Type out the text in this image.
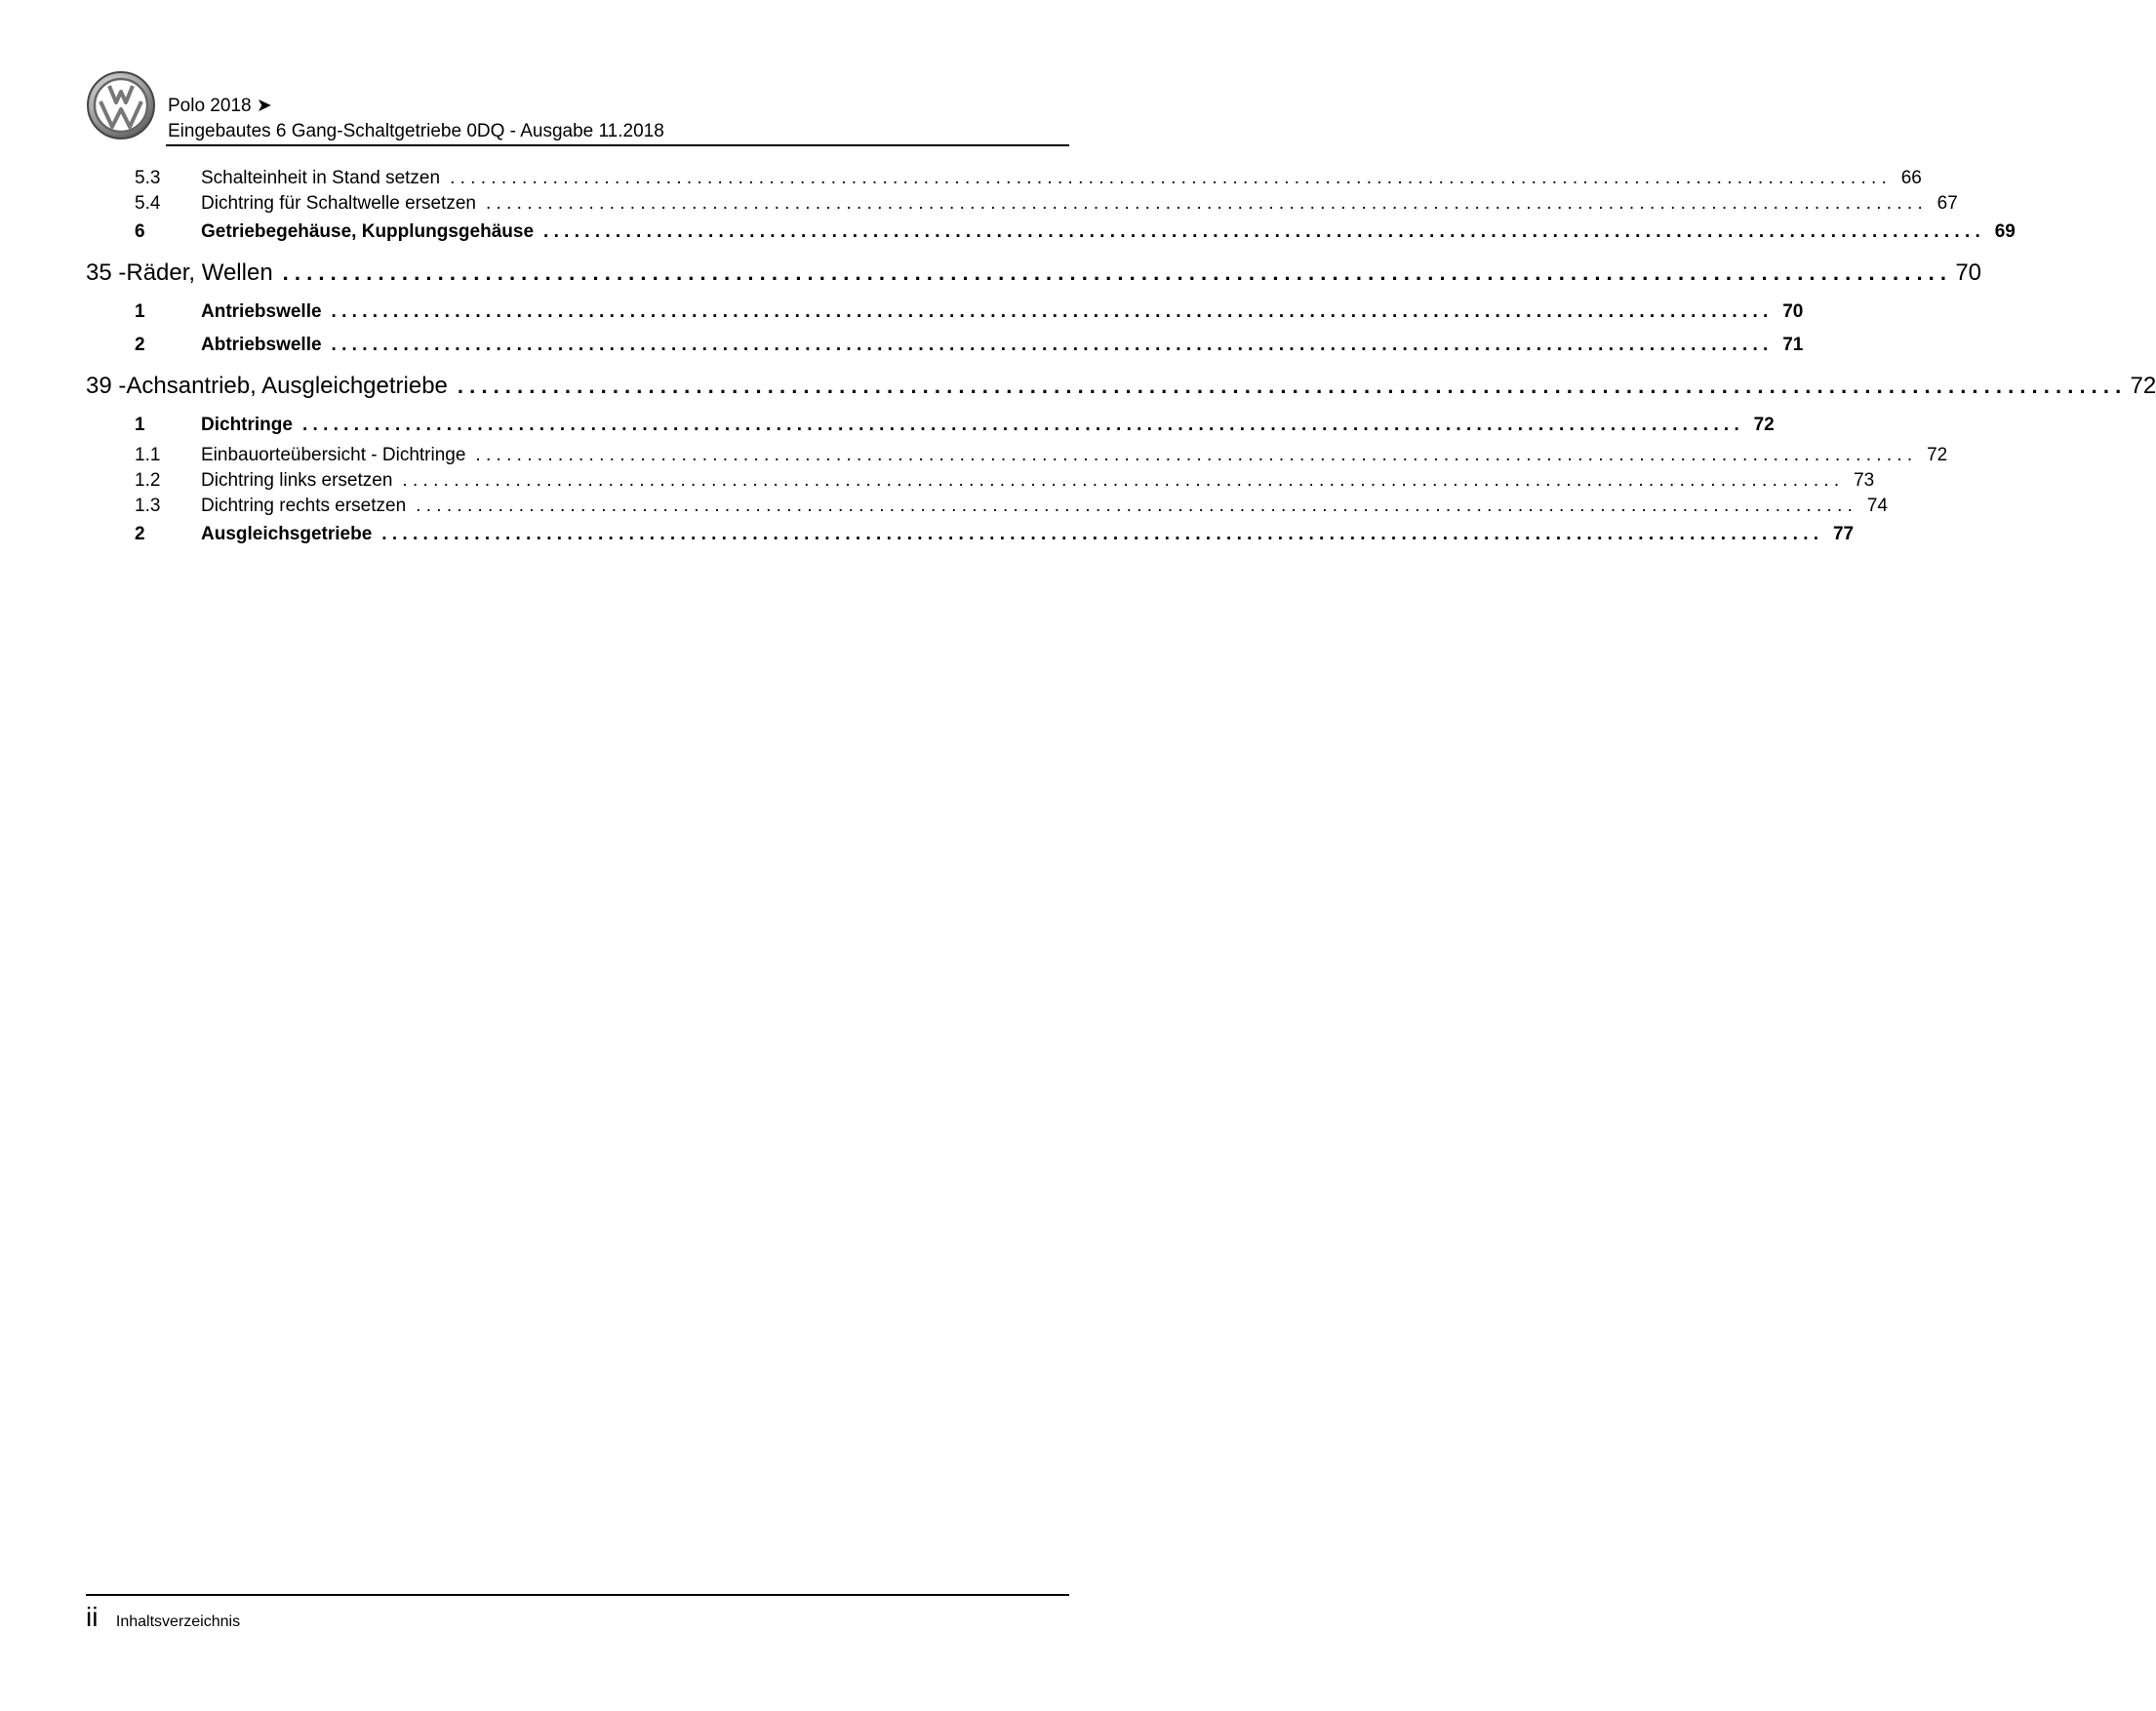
Polo 2018 ➤
Eingebautes 6 Gang-Schaltgetriebe 0DQ - Ausgabe 11.2018
5.3	Schalteinheit in Stand setzen . . . . . . . . . . . . . . . . . . . . . . . . . . . . . . . . . . . . . . . . . . . . . . . . . . . . . . . . . . . . . . . . . . . . . . . . . . . . . . . . . . . . . . . . . . . . . . . . . . . . . . . . . . . . . . . . . . . . . . . . . . . . . . . . . . . . . . . . . . . . 66
5.4	Dichtring für Schaltwelle ersetzen . . . . . . . . . . . . . . . . . . . . . . . . . . . . . . . . . . . . . . . . . . . . . . . . . . . . . . . . . . . . . . . . . . . . . . . . . . . . . . . . . . . . . . . . . . . . . . . . . . . . . . . . . . . . . . . . . . . . . . . . . . . . . . . . . . . . . . . . . . . . 67
6	Getriebegehäuse, Kupplungsgehäuse . . . . . . . . . . . . . . . . . . . . . . . . . . . . . . . . . . . . . . . . . . . . . . . . . . . . . . . . . . . . . . . . . . . . . . . . . . . . . . . . . . . . . . . . . . . . . . . . . . . . . . . . . . . . . . . . . . . . . . . . . . . . . . . . . . . . . . . . . . . . 69
35 - Räder, Wellen . . . . . . . . . . . . . . . . . . . . . . . . . . . . . . . . . . . . . . . . . . . . . . . . . . . . . . . . . . . . . . . . . . . . . . . . . . . . . . . . . . . . . . . . . . . . . . . . . . . . . . . . . . . . . . . . . . . . . . . . . . . . . . . . . . . . . . . . . . . . 70
1	Antriebswelle . . . . . . . . . . . . . . . . . . . . . . . . . . . . . . . . . . . . . . . . . . . . . . . . . . . . . . . . . . . . . . . . . . . . . . . . . . . . . . . . . . . . . . . . . . . . . . . . . . . . . . . . . . . . . . . . . . . . . . . . . . . . . . . . . . . . . . . . . . . . 70
2	Abtriebswelle . . . . . . . . . . . . . . . . . . . . . . . . . . . . . . . . . . . . . . . . . . . . . . . . . . . . . . . . . . . . . . . . . . . . . . . . . . . . . . . . . . . . . . . . . . . . . . . . . . . . . . . . . . . . . . . . . . . . . . . . . . . . . . . . . . . . . . . . . . . . 71
39 - Achsantrieb, Ausgleichgetriebe . . . . . . . . . . . . . . . . . . . . . . . . . . . . . . . . . . . . . . . . . . . . . . . . . . . . . . . . . . . . . . . . . . . . . . . . . . . . . . . . . . . . . . . . . . . . . . . . . . . . . . . . . . . . . . . . . . . . . . . . . . . . . . . . . . . . . . . . . . . . 72
1	Dichtringe . . . . . . . . . . . . . . . . . . . . . . . . . . . . . . . . . . . . . . . . . . . . . . . . . . . . . . . . . . . . . . . . . . . . . . . . . . . . . . . . . . . . . . . . . . . . . . . . . . . . . . . . . . . . . . . . . . . . . . . . . . . . . . . . . . . . . . . . . . . . 72
1.1	Einbauorteübersicht - Dichtringe . . . . . . . . . . . . . . . . . . . . . . . . . . . . . . . . . . . . . . . . . . . . . . . . . . . . . . . . . . . . . . . . . . . . . . . . . . . . . . . . . . . . . . . . . . . . . . . . . . . . . . . . . . . . . . . . . . . . . . . . . . . . . . . . . . . . . . . . . . . . 72
1.2	Dichtring links ersetzen . . . . . . . . . . . . . . . . . . . . . . . . . . . . . . . . . . . . . . . . . . . . . . . . . . . . . . . . . . . . . . . . . . . . . . . . . . . . . . . . . . . . . . . . . . . . . . . . . . . . . . . . . . . . . . . . . . . . . . . . . . . . . . . . . . . . . . . . . . . . 73
1.3	Dichtring rechts ersetzen . . . . . . . . . . . . . . . . . . . . . . . . . . . . . . . . . . . . . . . . . . . . . . . . . . . . . . . . . . . . . . . . . . . . . . . . . . . . . . . . . . . . . . . . . . . . . . . . . . . . . . . . . . . . . . . . . . . . . . . . . . . . . . . . . . . . . . . . . . . . 74
2	Ausgleichsgetriebe . . . . . . . . . . . . . . . . . . . . . . . . . . . . . . . . . . . . . . . . . . . . . . . . . . . . . . . . . . . . . . . . . . . . . . . . . . . . . . . . . . . . . . . . . . . . . . . . . . . . . . . . . . . . . . . . . . . . . . . . . . . . . . . . . . . . . . . . . . . . 77
ii Inhaltsverzeichnis
